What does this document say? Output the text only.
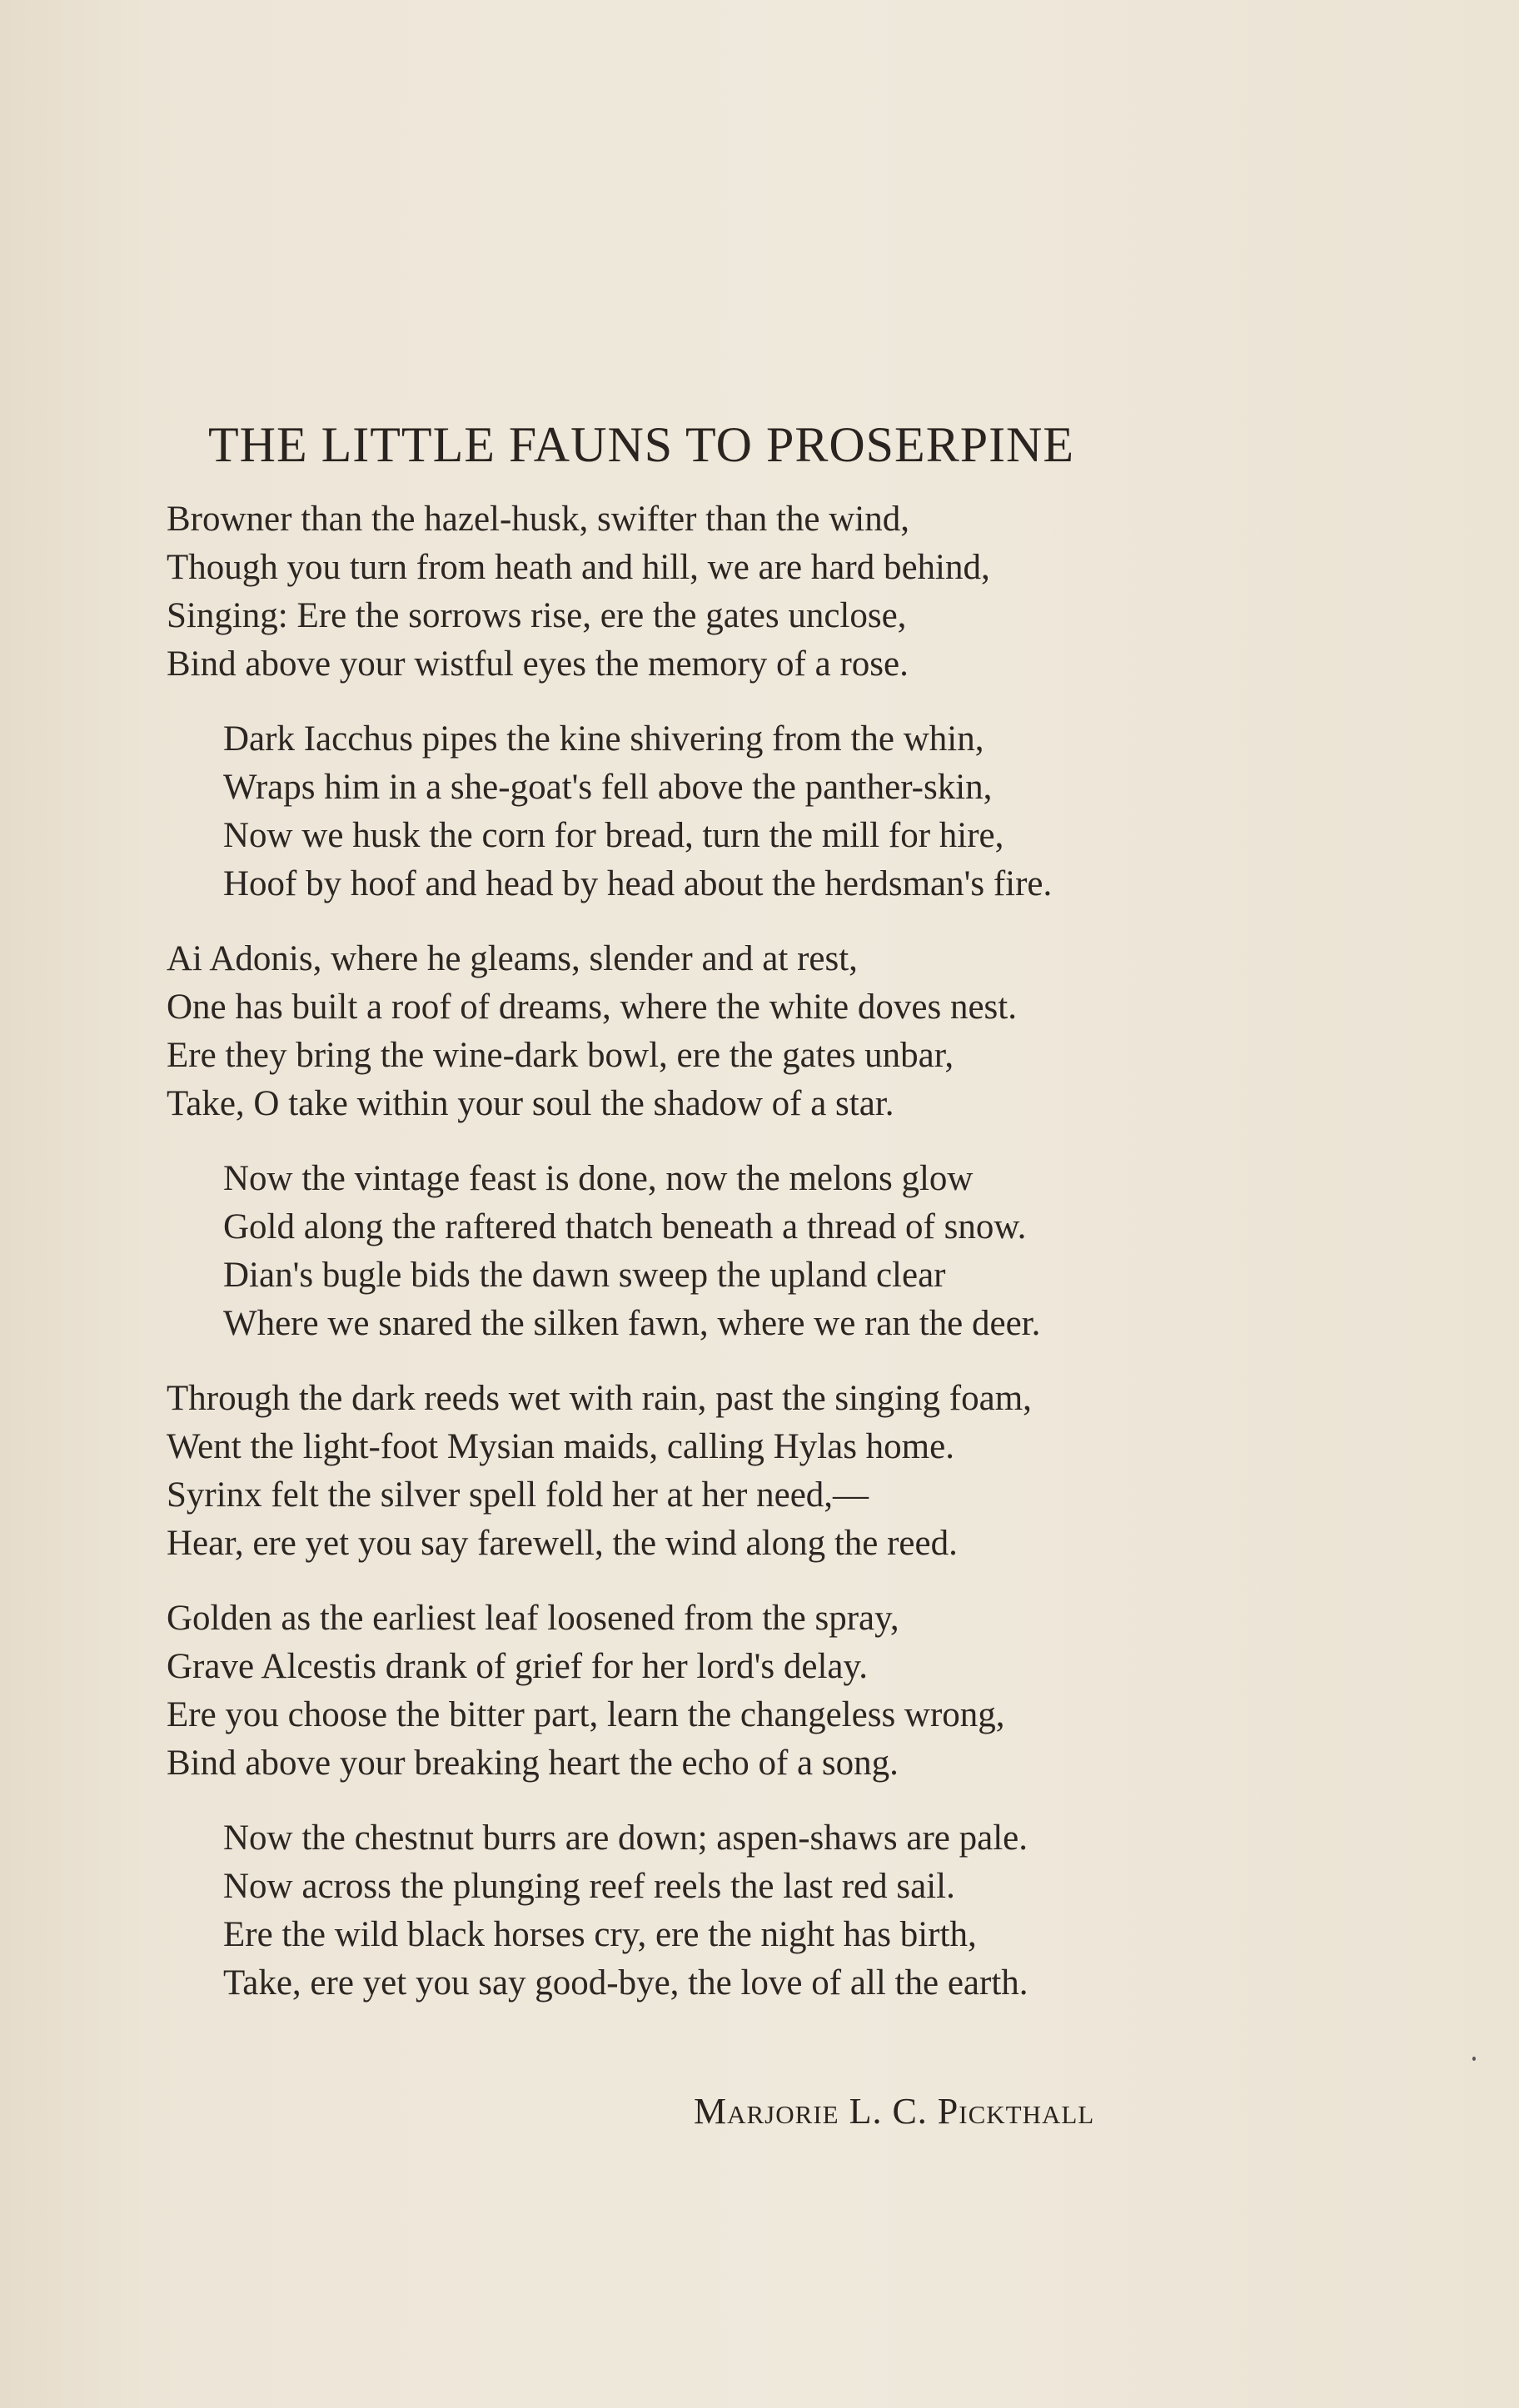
THE LITTLE FAUNS TO PROSERPINE
Browner than the hazel-husk, swifter than the wind,
Though you turn from heath and hill, we are hard behind,
Singing: Ere the sorrows rise, ere the gates unclose,
Bind above your wistful eyes the memory of a rose.
Dark Iacchus pipes the kine shivering from the whin,
Wraps him in a she-goat's fell above the panther-skin,
Now we husk the corn for bread, turn the mill for hire,
Hoof by hoof and head by head about the herdsman's fire.
Ai Adonis, where he gleams, slender and at rest,
One has built a roof of dreams, where the white doves nest.
Ere they bring the wine-dark bowl, ere the gates unbar,
Take, O take within your soul the shadow of a star.
Now the vintage feast is done, now the melons glow
Gold along the raftered thatch beneath a thread of snow.
Dian's bugle bids the dawn sweep the upland clear
Where we snared the silken fawn, where we ran the deer.
Through the dark reeds wet with rain, past the singing foam,
Went the light-foot Mysian maids, calling Hylas home.
Syrinx felt the silver spell fold her at her need,—
Hear, ere yet you say farewell, the wind along the reed.
Golden as the earliest leaf loosened from the spray,
Grave Alcestis drank of grief for her lord's delay.
Ere you choose the bitter part, learn the changeless wrong,
Bind above your breaking heart the echo of a song.
Now the chestnut burrs are down; aspen-shaws are pale.
Now across the plunging reef reels the last red sail.
Ere the wild black horses cry, ere the night has birth,
Take, ere yet you say good-bye, the love of all the earth.
Marjorie L. C. Pickthall
